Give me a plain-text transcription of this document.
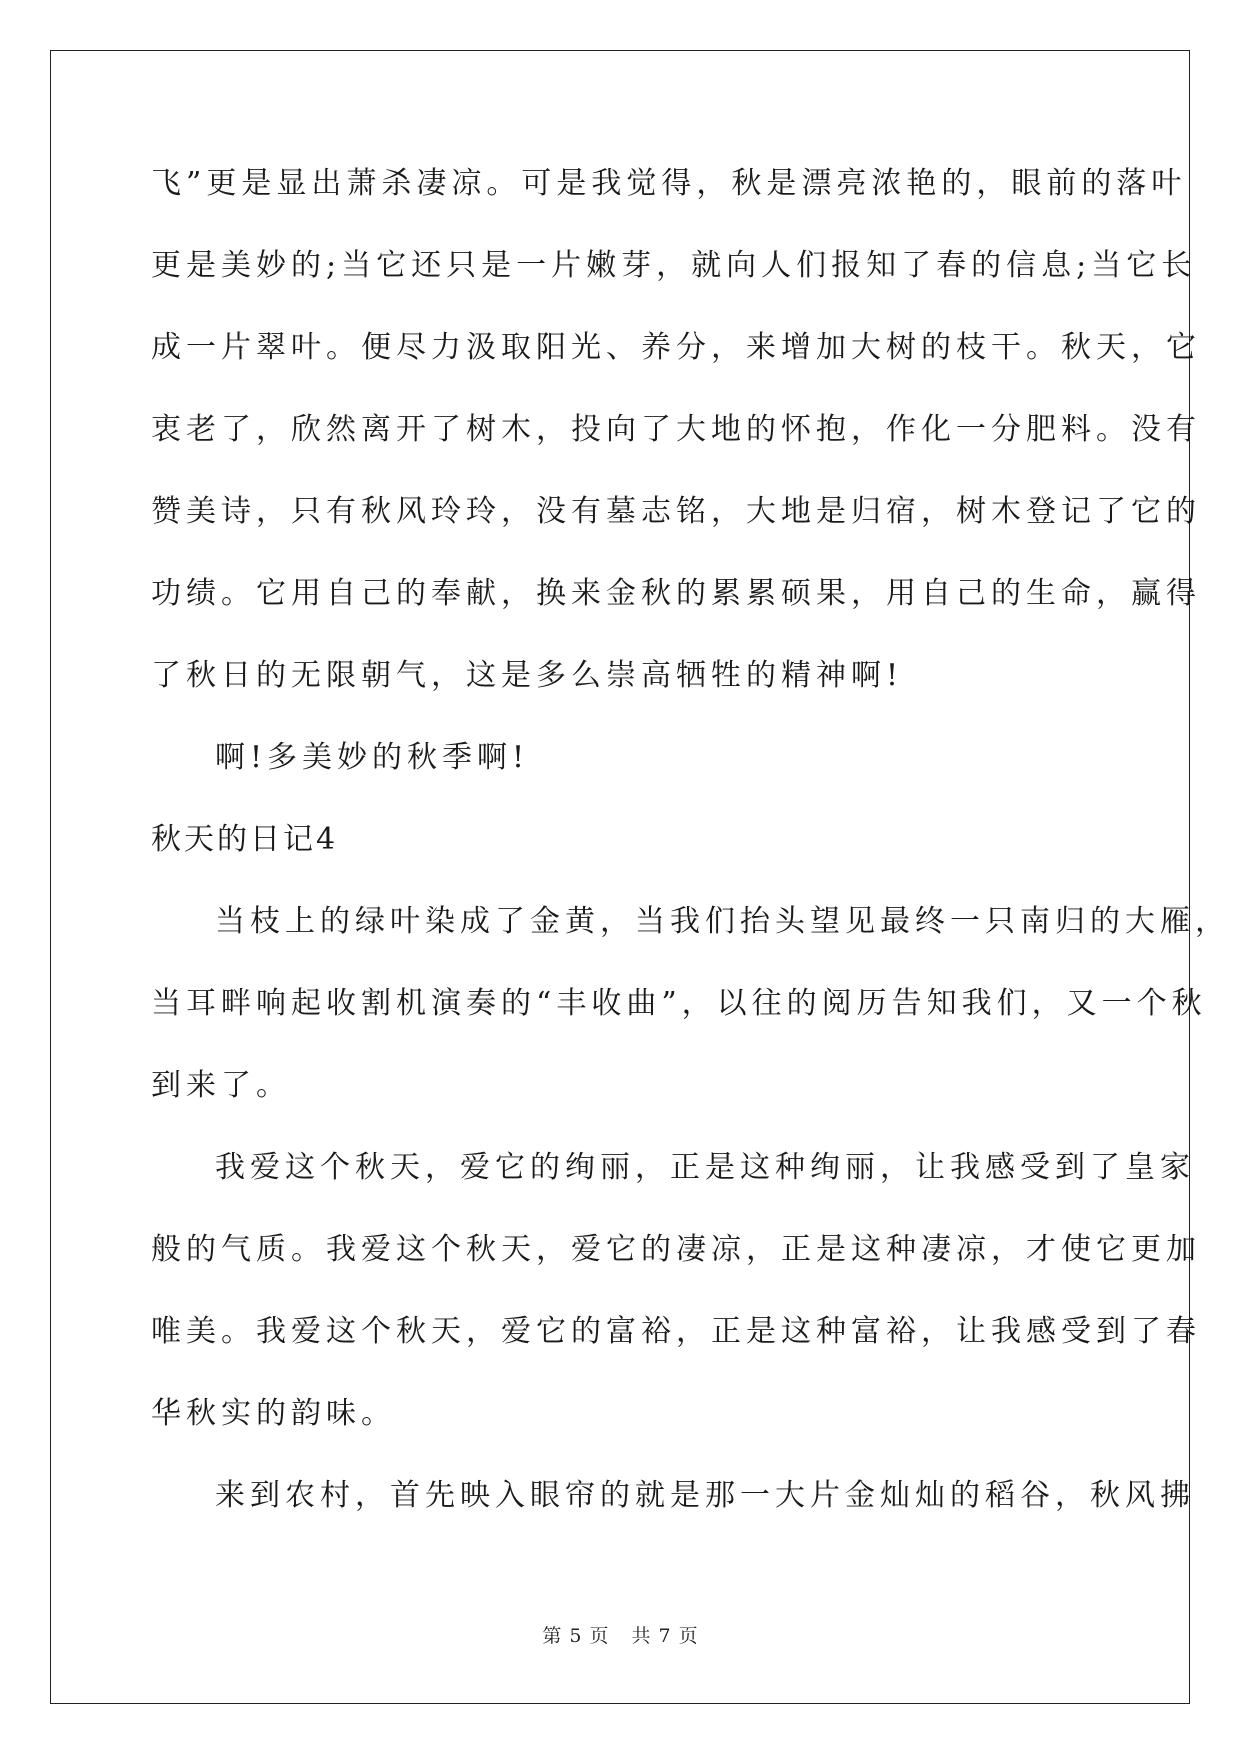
飞”更是显出萧杀凄凉。可是我觉得，秋是漂亮浓艳的，眼前的落叶
更是美妙的;当它还只是一片嫩芽，就向人们报知了春的信息;当它长
成一片翠叶。便尽力汲取阳光、养分，来增加大树的枝干。秋天，它
衷老了，欣然离开了树木，投向了大地的怀抱，作化一分肥料。没有
赞美诗，只有秋风玲玲，没有墓志铭，大地是归宿，树木登记了它的
功绩。它用自己的奉献，换来金秋的累累硕果，用自己的生命，赢得
了秋日的无限朝气，这是多么崇高牺牲的精神啊!
啊!多美妙的秋季啊!
秋天的日记4
当枝上的绿叶染成了金黄，当我们抬头望见最终一只南归的大雁，
当耳畔响起收割机演奏的“丰收曲”，以往的阅历告知我们，又一个秋
到来了。
我爱这个秋天，爱它的绚丽，正是这种绚丽，让我感受到了皇家
般的气质。我爱这个秋天，爱它的凄凉，正是这种凄凉，才使它更加
唯美。我爱这个秋天，爱它的富裕，正是这种富裕，让我感受到了春
华秋实的韵味。
来到农村，首先映入眼帘的就是那一大片金灿灿的稻谷，秋风拂
第 5 页 共 7 页
